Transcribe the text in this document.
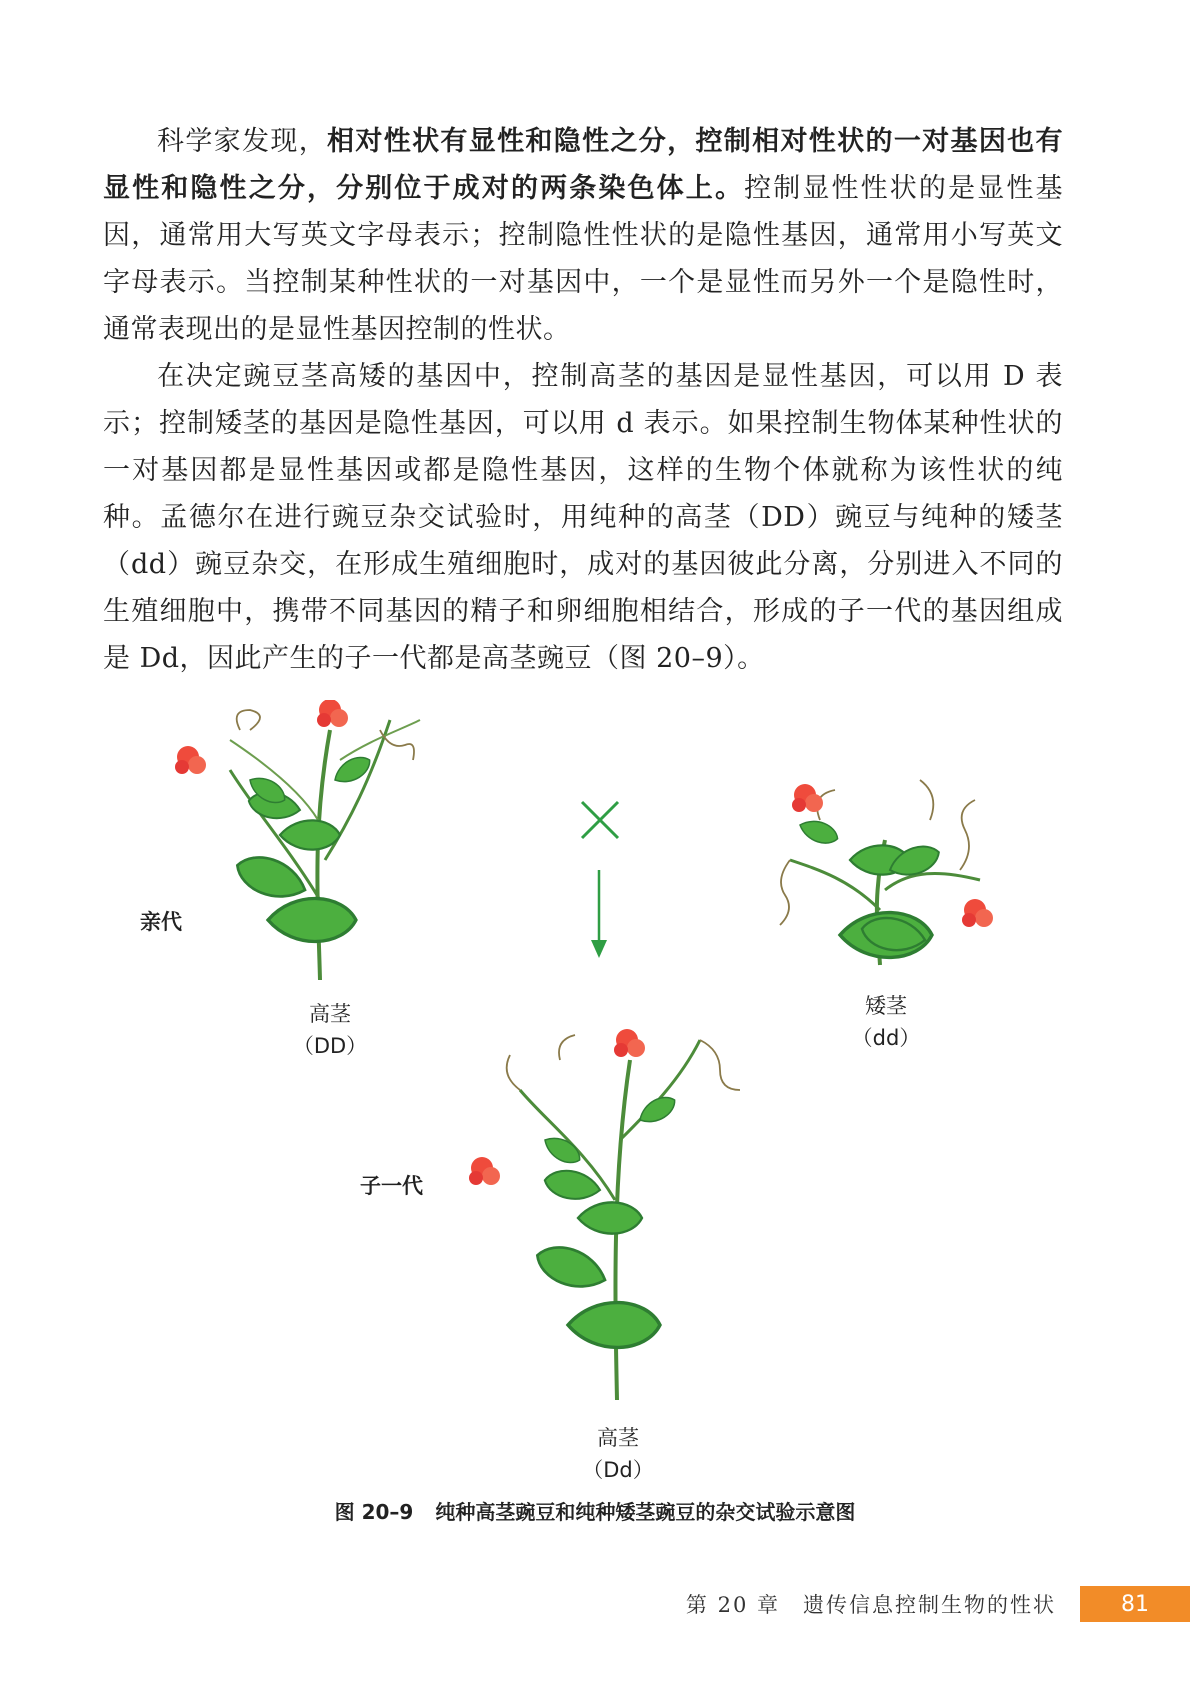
科学家发现，相对性状有显性和隐性之分，控制相对性状的一对基因也有显性和隐性之分，分别位于成对的两条染色体上。控制显性性状的是显性基因，通常用大写英文字母表示；控制隐性性状的是隐性基因，通常用小写英文字母表示。当控制某种性状的一对基因中，一个是显性而另外一个是隐性时，通常表现出的是显性基因控制的性状。

在决定豌豆茎高矮的基因中，控制高茎的基因是显性基因，可以用 D 表示；控制矮茎的基因是隐性基因，可以用 d 表示。如果控制生物体某种性状的一对基因都是显性基因或都是隐性基因，这样的生物个体就称为该性状的纯种。孟德尔在进行豌豆杂交试验时，用纯种的高茎（DD）豌豆与纯种的矮茎（dd）豌豆杂交，在形成生殖细胞时，成对的基因彼此分离，分别进入不同的生殖细胞中，携带不同基因的精子和卵细胞相结合，形成的子一代的基因组成是 Dd，因此产生的子一代都是高茎豌豆（图 20–9）。

亲代
子一代
高茎
（DD）
矮茎
（dd）
高茎
（Dd）
图 20–9 纯种高茎豌豆和纯种矮茎豌豆的杂交试验示意图
第 20 章　遗传信息控制生物的性状	81
